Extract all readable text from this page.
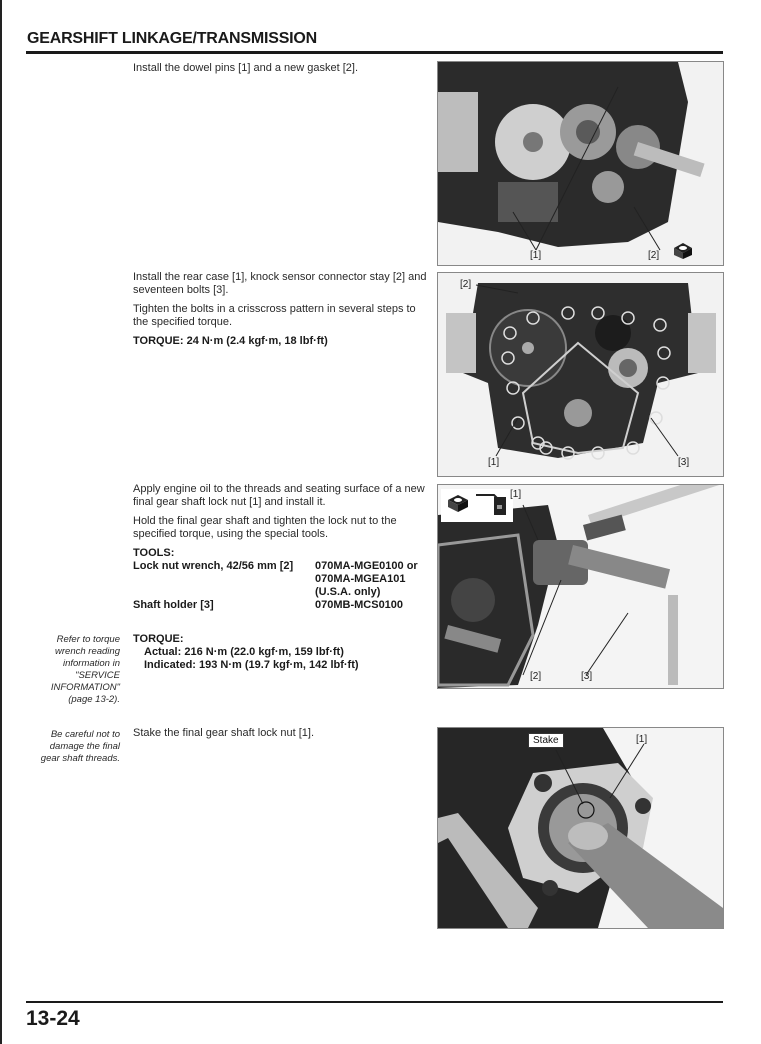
GEARSHIFT LINKAGE/TRANSMISSION

Install the dowel pins [1] and a new gasket [2].

[1]	[2]

Install the rear case [1], knock sensor connector stay [2] and seventeen bolts [3].

Tighten the bolts in a crisscross pattern in several steps to the specified torque.

TORQUE: 24 N·m (2.4 kgf·m, 18 lbf·ft)

[2]
[1]	[3]

Apply engine oil to the threads and seating surface of a new final gear shaft lock nut [1] and install it.

Hold the final gear shaft and tighten the lock nut to the specified torque, using the special tools.

TOOLS:

Lock nut wrench, 42/56 mm [2]	070MA-MGE0100 or
	070MA-MGEA101
	(U.S.A. only)
Shaft holder [3]	070MB-MCS0100
TORQUE:
Actual: 216 N·m (22.0 kgf·m, 159 lbf·ft)
Indicated: 193 N·m (19.7 kgf·m, 142 lbf·ft)
Refer to torque
wrench reading
information in
"SERVICE
INFORMATION"
(page 13-2).
[1]
[2]	[3]

Stake the final gear shaft lock nut [1].

Be careful not to
damage the final
gear shaft threads.
Stake	[1]
13-24
